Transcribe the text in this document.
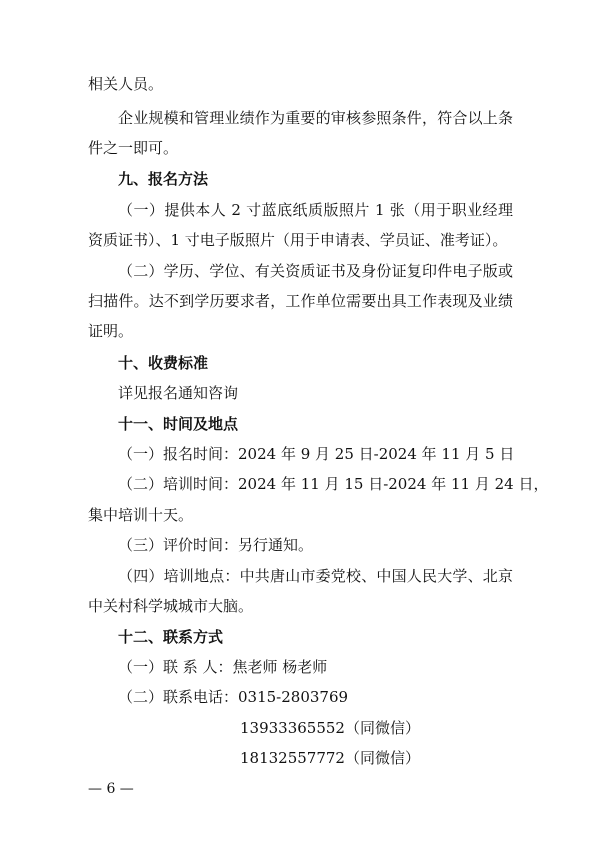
相关人员。
企业规模和管理业绩作为重要的审核参照条件，符合以上条
件之一即可。
九、报名方法
（一）提供本人 2 寸蓝底纸质版照片 1 张（用于职业经理
资质证书）、1 寸电子版照片（用于申请表、学员证、准考证）。
（二）学历、学位、有关资质证书及身份证复印件电子版或
扫描件。达不到学历要求者，工作单位需要出具工作表现及业绩
证明。
十、收费标准
详见报名通知咨询
十一、时间及地点
（一）报名时间：2024 年 9 月 25 日-2024 年 11 月 5 日
（二）培训时间：2024 年 11 月 15 日-2024 年 11 月 24 日，
集中培训十天。
（三）评价时间：另行通知。
（四）培训地点：中共唐山市委党校、中国人民大学、北京
中关村科学城城市大脑。
十二、联系方式
（一）联 系 人：焦老师 杨老师
（二）联系电话：0315-2803769
13933365552（同微信）
18132557772（同微信）
— 6 —
